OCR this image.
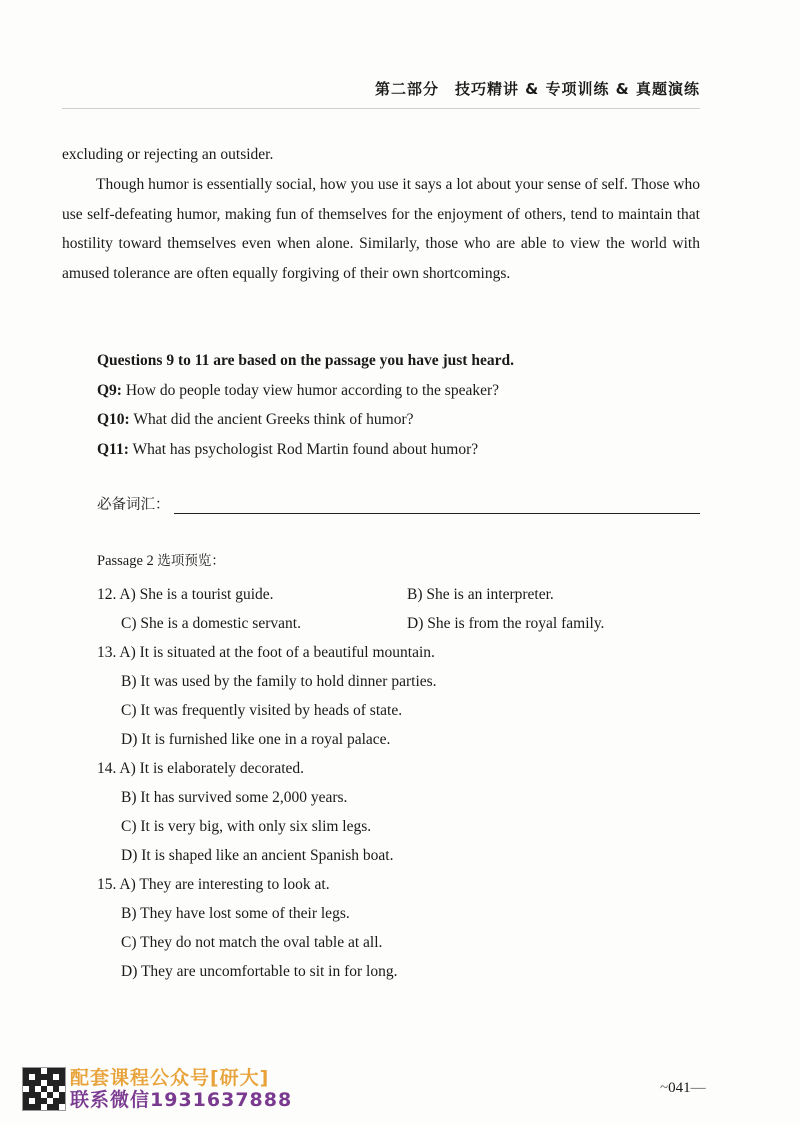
第二部分　技巧精讲 & 专项训练 & 真题演练
excluding or rejecting an outsider.
Though humor is essentially social, how you use it says a lot about your sense of self. Those who use self-defeating humor, making fun of themselves for the enjoyment of others, tend to maintain that hostility toward themselves even when alone. Similarly, those who are able to view the world with amused tolerance are often equally forgiving of their own shortcomings.
Questions 9 to 11 are based on the passage you have just heard.
Q9: How do people today view humor according to the speaker?
Q10: What did the ancient Greeks think of humor?
Q11: What has psychologist Rod Martin found about humor?
必备词汇：
Passage 2 选项预览：
12. A) She is a tourist guide.	B) She is an interpreter.
C) She is a domestic servant.	D) She is from the royal family.
13. A) It is situated at the foot of a beautiful mountain.
B) It was used by the family to hold dinner parties.
C) It was frequently visited by heads of state.
D) It is furnished like one in a royal palace.
14. A) It is elaborately decorated.
B) It has survived some 2,000 years.
C) It is very big, with only six slim legs.
D) It is shaped like an ancient Spanish boat.
15. A) They are interesting to look at.
B) They have lost some of their legs.
C) They do not match the oval table at all.
D) They are uncomfortable to sit in for long.
配套课程公众号[研大]
联系微信1931637888
~041—
